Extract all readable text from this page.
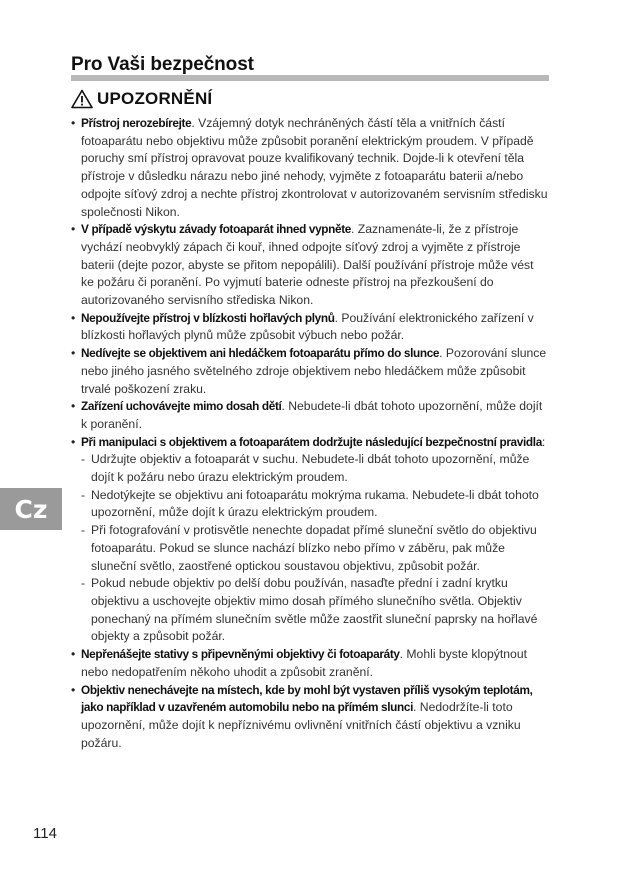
Pro Vaši bezpečnost
UPOZORNĚNÍ
• Přístroj nerozebírejte. Vzájemný dotyk nechráněných částí těla a vnitřních částí fotoaparátu nebo objektivu může způsobit poranění elektrickým proudem. V případě poruchy smí přístroj opravovat pouze kvalifikovaný technik. Dojde-li k otevření těla přístroje v důsledku nárazu nebo jiné nehody, vyjměte z fotoaparátu baterii a/nebo odpojte síťový zdroj a nechte přístroj zkontrolovat v autorizovaném servisním středisku společnosti Nikon.
• V případě výskytu závady fotoaparát ihned vypněte. Zaznamenáte-li, že z přístroje vychází neobvyklý zápach či kouř, ihned odpojte síťový zdroj a vyjměte z přístroje baterii (dejte pozor, abyste se přitom nepopálili). Další používání přístroje může vést ke požáru či poranění. Po vyjmutí baterie odneste přístroj na přezkoušení do autorizovaného servisního střediska Nikon.
• Nepoužívejte přístroj v blízkosti hořlavých plynů. Používání elektronického zařízení v blízkosti hořlavých plynů může způsobit výbuch nebo požár.
• Nedívejte se objektivem ani hledáčkem fotoaparátu přímo do slunce. Pozorování slunce nebo jiného jasného světelného zdroje objektivem nebo hledáčkem může způsobit trvalé poškození zraku.
• Zařízení uchovávejte mimo dosah dětí. Nebudete-li dbát tohoto upozornění, může dojít k poranění.
• Při manipulaci s objektivem a fotoaparátem dodržujte následující bezpečnostní pravidla:
- Udržujte objektiv a fotoaparát v suchu. Nebudete-li dbát tohoto upozornění, může dojít k požáru nebo úrazu elektrickým proudem.
- Nedotýkejte se objektivu ani fotoaparátu mokrýma rukama. Nebudete-li dbát tohoto upozornění, může dojít k úrazu elektrickým proudem.
- Při fotografování v protisvětle nenechte dopadat přímé sluneční světlo do objektivu fotoaparátu. Pokud se slunce nachází blízko nebo přímo v záběru, pak může sluneční světlo, zaostřené optickou soustavou objektivu, způsobit požár.
- Pokud nebude objektiv po delší dobu používán, nasaďte přední i zadní krytku objektivu a uschovejte objektiv mimo dosah přímého slunečního světla. Objektiv ponechaný na přímém slunečním světle může zaostřit sluneční paprsky na hořlavé objekty a způsobit požár.
• Nepřenášejte stativy s připevněnými objektivy či fotoaparáty. Mohli byste klopýtnout nebo nedopatřením někoho uhodit a způsobit zranění.
• Objektiv nenechávejte na místech, kde by mohl být vystaven příliš vysokým teplotám, jako například v uzavřeném automobilu nebo na přímém slunci. Nedodržíte-li toto upozornění, může dojít k nepříznivému ovlivnění vnitřních částí objektivu a vzniku požáru.
Cz
114
